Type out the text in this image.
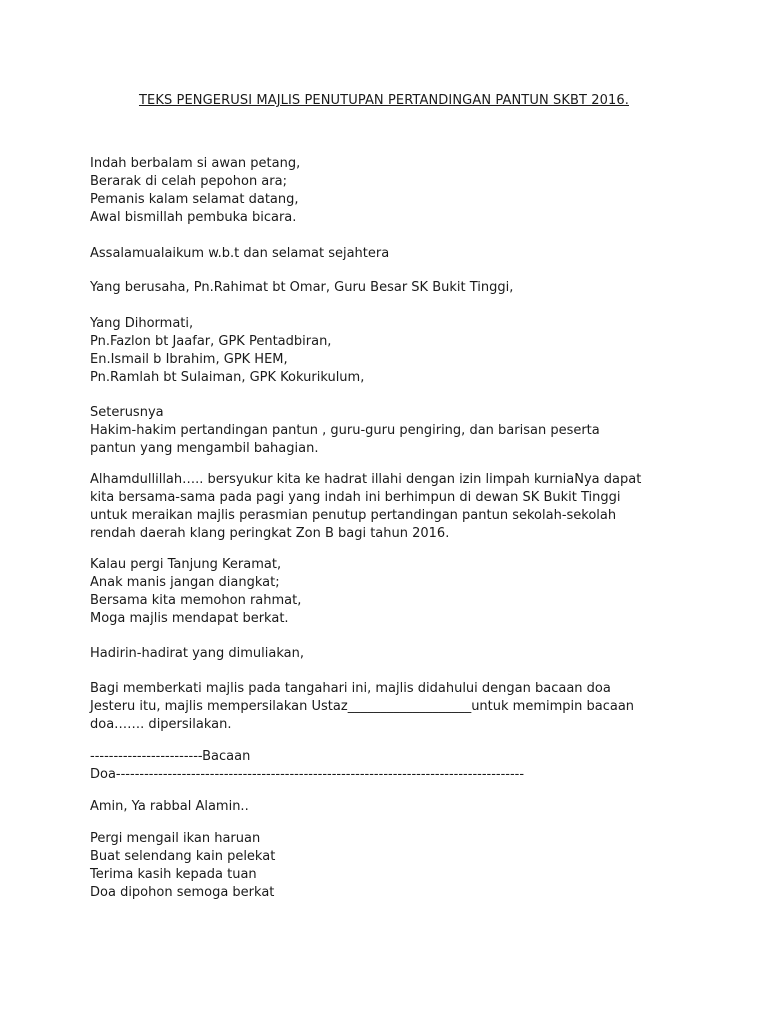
TEKS PENGERUSI MAJLIS PENUTUPAN PERTANDINGAN PANTUN SKBT 2016.
Indah berbalam si awan petang,
Berarak di celah pepohon ara;
Pemanis kalam selamat datang,
Awal bismillah pembuka bicara.
Assalamualaikum w.b.t dan selamat sejahtera
Yang berusaha, Pn.Rahimat bt Omar, Guru Besar SK Bukit Tinggi,
Yang Dihormati,
Pn.Fazlon bt Jaafar, GPK Pentadbiran,
En.Ismail b Ibrahim, GPK HEM,
Pn.Ramlah bt Sulaiman, GPK Kokurikulum,
Seterusnya
Hakim-hakim pertandingan pantun , guru-guru pengiring, dan barisan peserta
pantun yang mengambil bahagian.
Alhamdullillah….. bersyukur kita ke hadrat illahi dengan izin limpah kurniaNya dapat
kita bersama-sama pada pagi yang indah ini berhimpun di dewan SK Bukit Tinggi
untuk meraikan majlis perasmian penutup pertandingan pantun sekolah-sekolah
rendah daerah klang peringkat Zon B bagi tahun 2016.
Kalau pergi Tanjung Keramat,
Anak manis jangan diangkat;
Bersama kita memohon rahmat,
Moga majlis mendapat berkat.
Hadirin-hadirat yang dimuliakan,
Bagi memberkati majlis pada tangahari ini, majlis didahului dengan bacaan doa
Jesteru itu, majlis mempersilakan Ustaz___________________untuk memimpin bacaan
doa……. dipersilakan.
------------------------Bacaan
Doa---------------------------------------------------------------------------------------
Amin, Ya rabbal Alamin..
Pergi mengail ikan haruan
Buat selendang kain pelekat
Terima kasih kepada tuan
Doa dipohon semoga berkat
